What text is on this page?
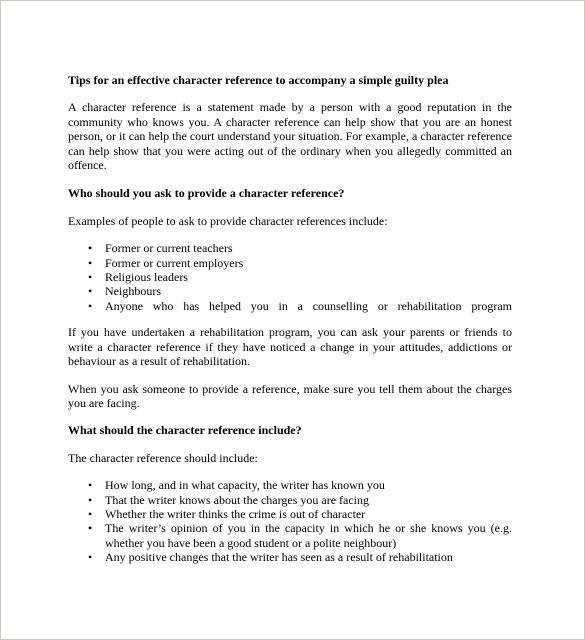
Tips for an effective character reference to accompany a simple guilty plea

A character reference is a statement made by a person with a good reputation in the community who knows you. A character reference can help show that you are an honest person, or it can help the court understand your situation. For example, a character reference can help show that you were acting out of the ordinary when you allegedly committed an offence.

Who should you ask to provide a character reference?

Examples of people to ask to provide character references include:

• Former or current teachers
• Former or current employers
• Religious leaders
• Neighbours
• Anyone who has helped you in a counselling or rehabilitation program

If you have undertaken a rehabilitation program, you can ask your parents or friends to write a character reference if they have noticed a change in your attitudes, addictions or behaviour as a result of rehabilitation.

When you ask someone to provide a reference, make sure you tell them about the charges you are facing.

What should the character reference include?

The character reference should include:

• How long, and in what capacity, the writer has known you
• That the writer knows about the charges you are facing
• Whether the writer thinks the crime is out of character
• The writer’s opinion of you in the capacity in which he or she knows you (e.g. whether you have been a good student or a polite neighbour)
• Any positive changes that the writer has seen as a result of rehabilitation
